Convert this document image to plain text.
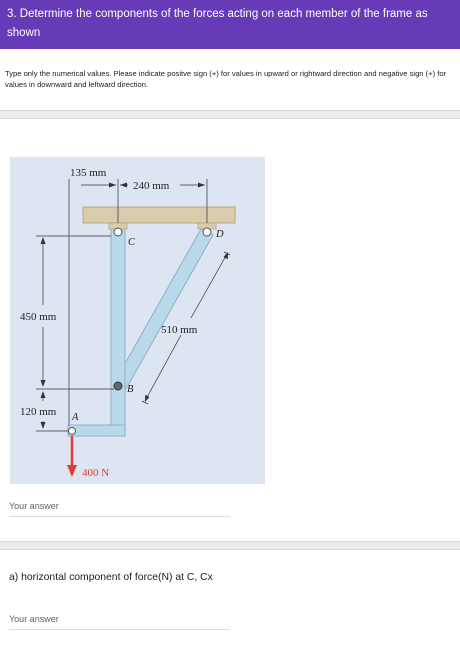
3. Determine the components of the forces acting on each member of the frame as shown
Type only the numerical values. Please indicate positve sign (+) for values in upward or rightward direction and negative sign (+) for values in downward and leftward direction.
135 mm
240 mm
450 mm
510 mm
120 mm
C
D
B
A
400 N
Your answer
a) horizontal component of force(N) at C, Cx
Your answer
